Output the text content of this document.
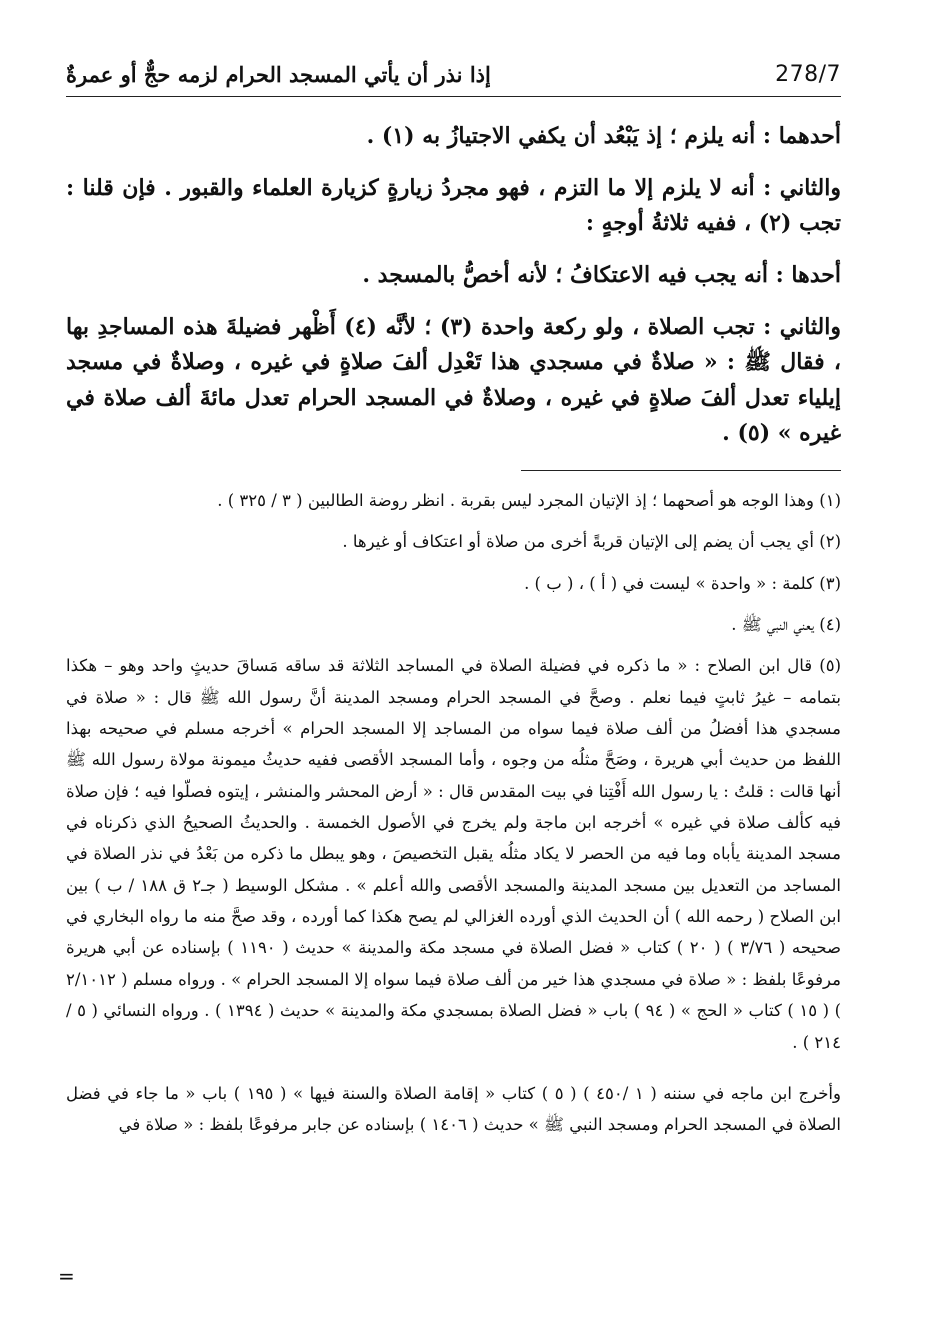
278/7
إذا نذر أن يأتي المسجد الحرام لزمه حجٌّ أو عمرةٌ

أحدهما : أنه يلزم ؛ إذ يَبْعُد أن يكفي الاجتيازُ به (١) .

والثاني : أنه لا يلزم إلا ما التزم ، فهو مجردُ زيارةٍ كزيارة العلماء والقبور . فإن قلنا : تجب (٢) ، ففيه ثلاثةُ أوجهٍ :

أحدها : أنه يجب فيه الاعتكافُ ؛ لأنه أخصُّ بالمسجد .

والثاني : تجب الصلاة ، ولو ركعة واحدة (٣) ؛ لأنَّه (٤) أَظْهر فضيلةَ هذه المساجدِ بها ، فقال ﷺ : « صلاةٌ في مسجدي هذا تَعْدِل ألفَ صلاةٍ في غيره ، وصلاةٌ في مسجد إيلياء تعدل ألفَ صلاةٍ في غيره ، وصلاةٌ في المسجد الحرام تعدل مائةَ ألف صلاة في غيره » (٥) .

(١) وهذا الوجه هو أصحهما ؛ إذ الإتيان المجرد ليس بقربة . انظر روضة الطالبين ( ٣ / ٣٢٥ ) .

(٢) أي يجب أن يضم إلى الإتيان قربةً أخرى من صلاة أو اعتكاف أو غيرها .

(٣) كلمة : « واحدة » ليست في ( أ ) ، ( ب ) .

(٤) يعني النبي ﷺ .

(٥) قال ابن الصلاح : « ما ذكره في فضيلة الصلاة في المساجد الثلاثة قد ساقه مَساقَ حديثٍ واحد وهو – هكذا بتمامه – غيرُ ثابتٍ فيما نعلم . وصحَّ في المسجد الحرام ومسجد المدينة أنَّ رسول الله ﷺ قال : « صلاة في مسجدي هذا أفضلُ من ألف صلاة فيما سواه من المساجد إلا المسجد الحرام » أخرجه مسلم في صحيحه بهذا اللفظ من حديث أبي هريرة ، وصَحَّ مثلُه من وجوه ، وأما المسجد الأقصى ففيه حديثُ ميمونة مولاة رسول الله ﷺ أنها قالت : قلتُ : يا رسول الله أَفْتِنا في بيت المقدس قال : « أرض المحشر والمنشر ، إيتوه فصلّوا فيه ؛ فإن صلاة فيه كألف صلاة في غيره » أخرجه ابن ماجة ولم يخرج في الأصول الخمسة . والحديثُ الصحيحُ الذي ذكرناه في مسجد المدينة يأباه وما فيه من الحصر لا يكاد مثلُه يقبل التخصيصَ ، وهو يبطل ما ذكره من بَعْدُ في نذر الصلاة في المساجد من التعديل بين مسجد المدينة والمسجد الأقصى والله أعلم » . مشكل الوسيط ( جـ٢ ق ١٨٨ / ب ) بين ابن الصلاح ( رحمه الله ) أن الحديث الذي أورده الغزالي لم يصح هكذا كما أورده ، وقد صحَّ منه ما رواه البخاري في صحيحه ( ٣/٧٦ ) ( ٢٠ ) كتاب « فضل الصلاة في مسجد مكة والمدينة » حديث ( ١١٩٠ ) بإسناده عن أبي هريرة مرفوعًا بلفظ : « صلاة في مسجدي هذا خير من ألف صلاة فيما سواه إلا المسجد الحرام » . ورواه مسلم ( ٢/١٠١٢ ) ( ١٥ ) كتاب « الحج » ( ٩٤ ) باب « فضل الصلاة بمسجدي مكة والمدينة » حديث ( ١٣٩٤ ) . ورواه النسائي ( ٥ / ٢١٤ ) .

وأخرج ابن ماجه في سننه ( ١ /٤٥٠ ) ( ٥ ) كتاب « إقامة الصلاة والسنة فيها » ( ١٩٥ ) باب « ما جاء في فضل الصلاة في المسجد الحرام ومسجد النبي ﷺ » حديث ( ١٤٠٦ ) بإسناده عن جابر مرفوعًا بلفظ : « صلاة في

=
